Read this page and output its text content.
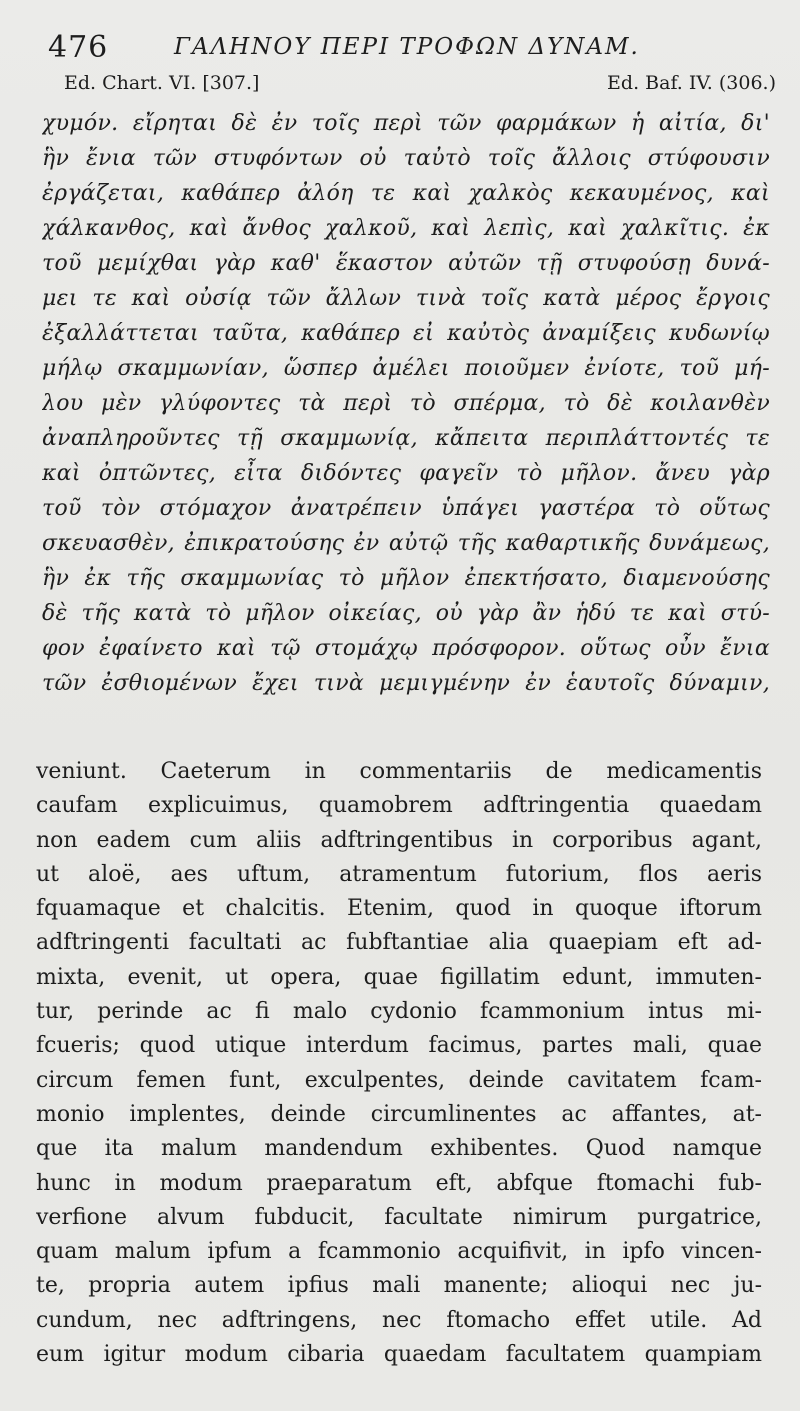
476	ΓΑΛΗΝΟΥ ΠΕΡΙ ΤΡΟΦΩΝ ΔΥΝΑΜ.
Ed. Chart. VI. [307.]	Ed. Baf. IV. (306.)
χυμόν. εἴρηται δὲ ἐν τοῖς περὶ τῶν φαρμάκων ἡ αἰτία, δι'
ἣν ἔνια τῶν στυφόντων οὐ ταὐτὸ τοῖς ἄλλοις στύφουσιν
ἐργάζεται, καθάπερ ἀλόη τε καὶ χαλκὸς κεκαυμένος, καὶ
χάλκανθος, καὶ ἄνθος χαλκοῦ, καὶ λεπὶς, καὶ χαλκῖτις. ἐκ
τοῦ μεμίχθαι γὰρ καθ' ἕκαστον αὐτῶν τῇ στυφούσῃ δυνά-
μει τε καὶ οὐσίᾳ τῶν ἄλλων τινὰ τοῖς κατὰ μέρος ἔργοις
ἐξαλλάττεται ταῦτα, καθάπερ εἰ καὐτὸς ἀναμίξεις κυδωνίῳ
μήλῳ σκαμμωνίαν, ὥσπερ ἀμέλει ποιοῦμεν ἐνίοτε, τοῦ μή-
λου μὲν γλύφοντες τὰ περὶ τὸ σπέρμα, τὸ δὲ κοιλανθὲν
ἀναπληροῦντες τῇ σκαμμωνίᾳ, κἄπειτα περιπλάττοντές τε
καὶ ὀπτῶντες, εἶτα διδόντες φαγεῖν τὸ μῆλον. ἄνευ γὰρ
τοῦ τὸν στόμαχον ἀνατρέπειν ὑπάγει γαστέρα τὸ οὕτως
σκευασθὲν, ἐπικρατούσης ἐν αὐτῷ τῆς καθαρτικῆς δυνάμεως,
ἣν ἐκ τῆς σκαμμωνίας τὸ μῆλον ἐπεκτήσατο, διαμενούσης
δὲ τῆς κατὰ τὸ μῆλον οἰκείας, οὐ γὰρ ἂν ἡδύ τε καὶ στύ-
φον ἐφαίνετο καὶ τῷ στομάχῳ πρόσφορον. οὕτως οὖν ἔνια
τῶν ἐσθιομένων ἔχει τινὰ μεμιγμένην ἐν ἑαυτοῖς δύναμιν,
veniunt. Caeterum in commentariis de medicamentis
caufam explicuimus, quamobrem adftringentia quaedam
non eadem cum aliis adftringentibus in corporibus agant,
ut aloë, aes uftum, atramentum futorium, flos aeris
fquamaque et chalcitis. Etenim, quod in quoque iftorum
adftringenti facultati ac fubftantiae alia quaepiam eft ad-
mixta, evenit, ut opera, quae figillatim edunt, immuten-
tur, perinde ac fi malo cydonio fcammonium intus mi-
fcueris; quod utique interdum facimus, partes mali, quae
circum femen funt, exculpentes, deinde cavitatem fcam-
monio implentes, deinde circumlinentes ac affantes, at-
que ita malum mandendum exhibentes. Quod namque
hunc in modum praeparatum eft, abfque ftomachi fub-
verfione alvum fubducit, facultate nimirum purgatrice,
quam malum ipfum a fcammonio acquifivit, in ipfo vincen-
te, propria autem ipfius mali manente; alioqui nec ju-
cundum, nec adftringens, nec ftomacho effet utile. Ad
eum igitur modum cibaria quaedam facultatem quampiam
